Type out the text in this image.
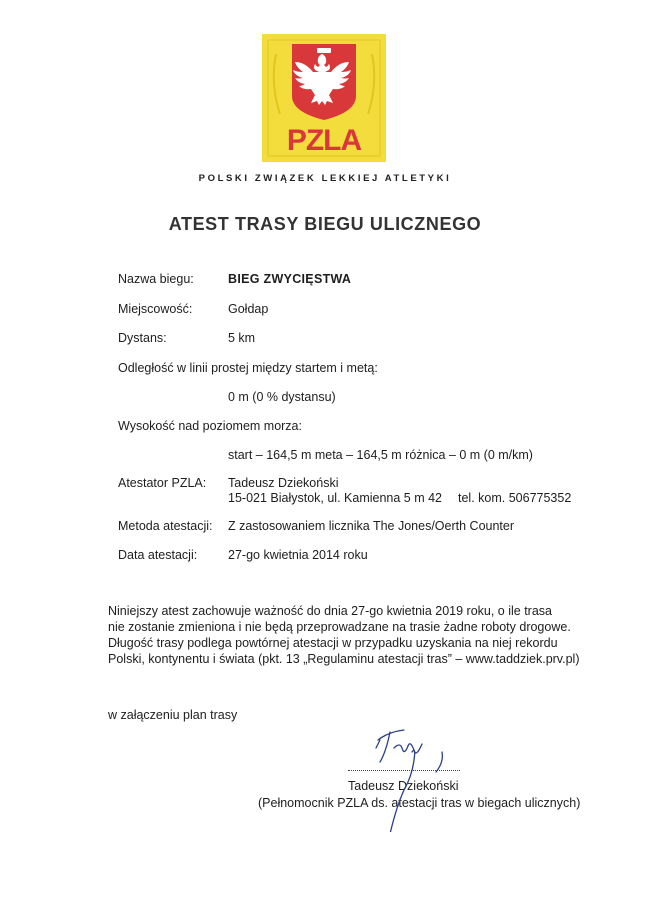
PZLA
POLSKI ZWIĄZEK LEKKIEJ ATLETYKI
ATEST TRASY BIEGU ULICZNEGO
Nazwa biegu:	BIEG ZWYCIĘSTWA
Miejscowość:	Gołdap
Dystans:	5 km
Odległość w linii prostej między startem i metą:
0 m (0 % dystansu)
Wysokość nad poziomem morza:
start – 164,5 m meta – 164,5 m różnica – 0 m (0 m/km)
Atestator PZLA: Tadeusz Dziekoński
15-021 Białystok, ul. Kamienna 5 m 42 tel. kom. 506775352
Metoda atestacji: Z zastosowaniem licznika The Jones/Oerth Counter
Data atestacji: 27-go kwietnia 2014 roku
Niniejszy atest zachowuje ważność do dnia 27-go kwietnia 2019 roku, o ile trasa
nie zostanie zmieniona i nie będą przeprowadzane na trasie żadne roboty drogowe.
Długość trasy podlega powtórnej atestacji w przypadku uzyskania na niej rekordu
Polski, kontynentu i świata (pkt. 13 „Regulaminu atestacji tras” – www.taddziek.prv.pl)
w załączeniu plan trasy
Tadeusz Dziekoński
(Pełnomocnik PZLA ds. atestacji tras w biegach ulicznych)
